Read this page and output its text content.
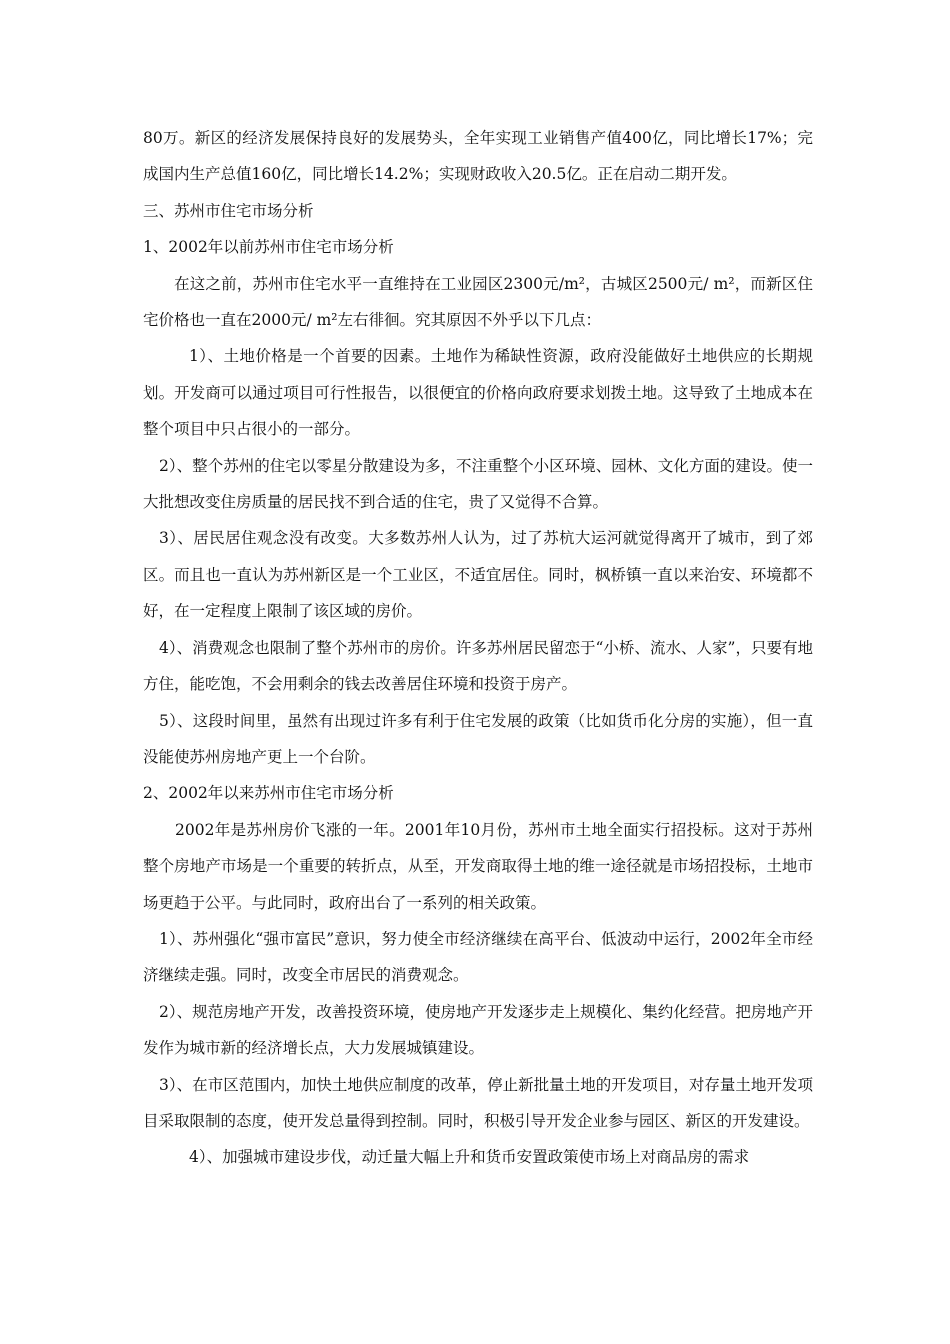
80万。新区的经济发展保持良好的发展势头，全年实现工业销售产值400亿，同比增长17%；完成国内生产总值160亿，同比增长14.2%；实现财政收入20.5亿。正在启动二期开发。

三、苏州市住宅市场分析

1、2002年以前苏州市住宅市场分析

在这之前，苏州市住宅水平一直维持在工业园区2300元/m²，古城区2500元/ m²，而新区住宅价格也一直在2000元/ m²左右徘徊。究其原因不外乎以下几点：

1）、土地价格是一个首要的因素。土地作为稀缺性资源，政府没能做好土地供应的长期规划。开发商可以通过项目可行性报告，以很便宜的价格向政府要求划拨土地。这导致了土地成本在整个项目中只占很小的一部分。

2）、整个苏州的住宅以零星分散建设为多，不注重整个小区环境、园林、文化方面的建设。使一大批想改变住房质量的居民找不到合适的住宅，贵了又觉得不合算。

3）、居民居住观念没有改变。大多数苏州人认为，过了苏杭大运河就觉得离开了城市，到了郊区。而且也一直认为苏州新区是一个工业区，不适宜居住。同时，枫桥镇一直以来治安、环境都不好，在一定程度上限制了该区域的房价。

4）、消费观念也限制了整个苏州市的房价。许多苏州居民留恋于“小桥、流水、人家”，只要有地方住，能吃饱，不会用剩余的钱去改善居住环境和投资于房产。

5）、这段时间里，虽然有出现过许多有利于住宅发展的政策（比如货币化分房的实施），但一直没能使苏州房地产更上一个台阶。

2、2002年以来苏州市住宅市场分析

2002年是苏州房价飞涨的一年。2001年10月份，苏州市土地全面实行招投标。这对于苏州整个房地产市场是一个重要的转折点，从至，开发商取得土地的维一途径就是市场招投标，土地市场更趋于公平。与此同时，政府出台了一系列的相关政策。

1）、苏州强化“强市富民”意识，努力使全市经济继续在高平台、低波动中运行，2002年全市经济继续走强。同时，改变全市居民的消费观念。

2）、规范房地产开发，改善投资环境，使房地产开发逐步走上规模化、集约化经营。把房地产开发作为城市新的经济增长点，大力发展城镇建设。

3）、在市区范围内，加快土地供应制度的改革，停止新批量土地的开发项目，对存量土地开发项目采取限制的态度，使开发总量得到控制。同时，积极引导开发企业参与园区、新区的开发建设。

4）、加强城市建设步伐，动迁量大幅上升和货币安置政策使市场上对商品房的需求
